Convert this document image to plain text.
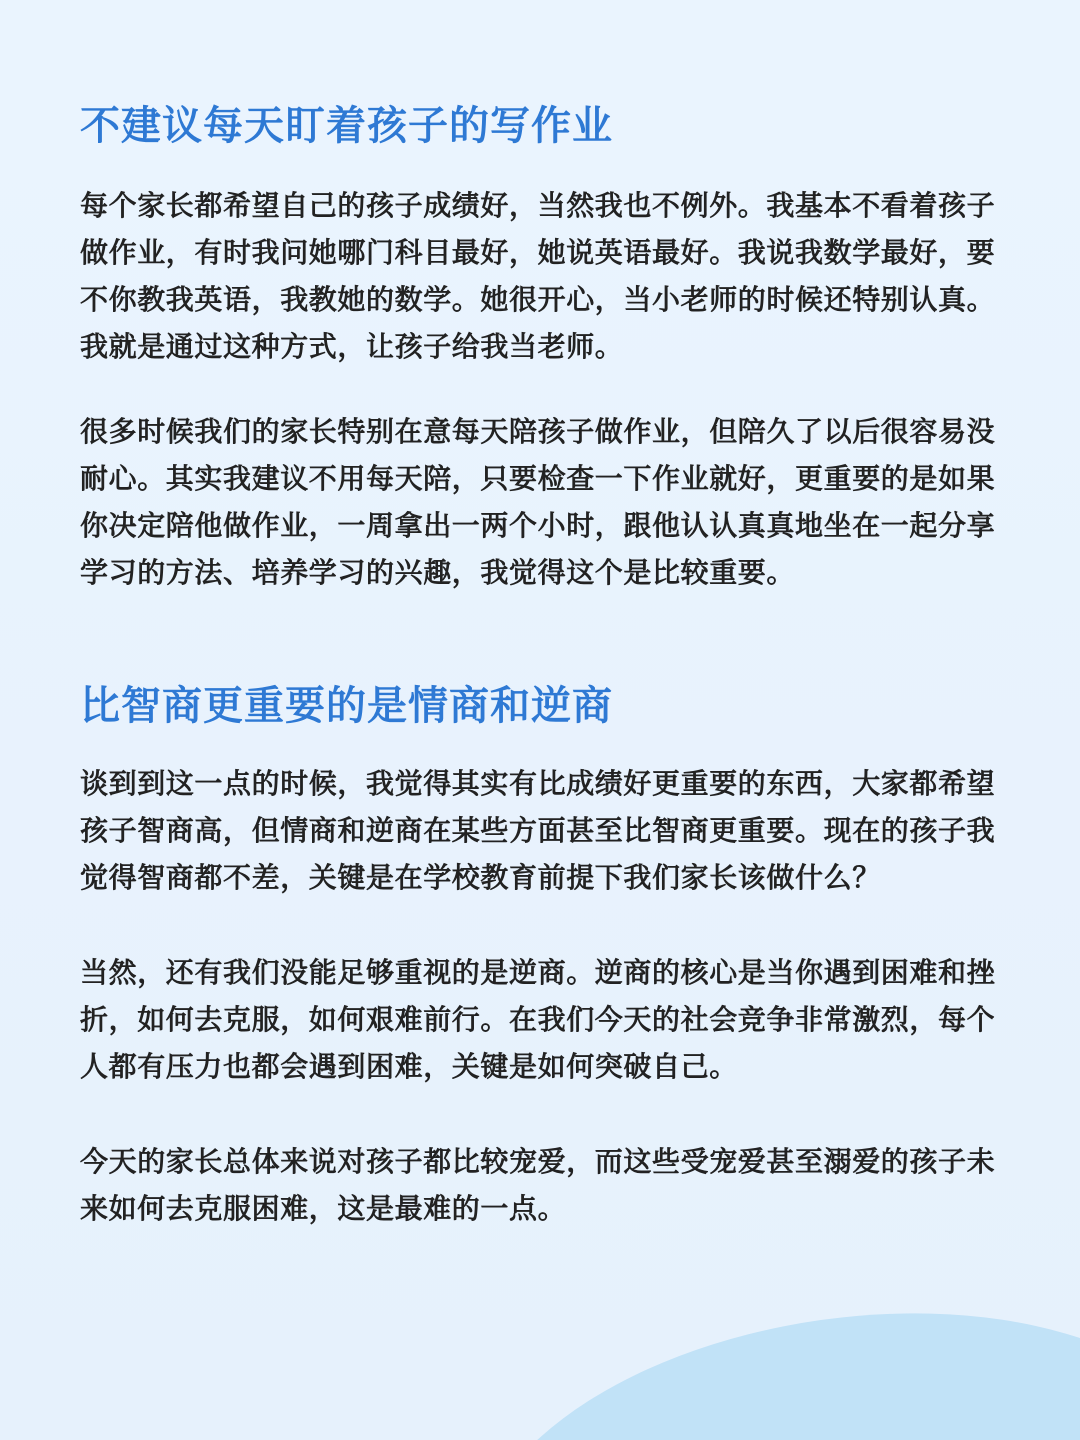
不建议每天盯着孩子的写作业

每个家长都希望自己的孩子成绩好，当然我也不例外。我基本不看着孩子做作业，有时我问她哪门科目最好，她说英语最好。我说我数学最好，要不你教我英语，我教她的数学。她很开心，当小老师的时候还特别认真。我就是通过这种方式，让孩子给我当老师。

很多时候我们的家长特别在意每天陪孩子做作业，但陪久了以后很容易没耐心。其实我建议不用每天陪，只要检查一下作业就好，更重要的是如果你决定陪他做作业，一周拿出一两个小时，跟他认认真真地坐在一起分享学习的方法、培养学习的兴趣，我觉得这个是比较重要。

比智商更重要的是情商和逆商

谈到到这一点的时候，我觉得其实有比成绩好更重要的东西，大家都希望孩子智商高，但情商和逆商在某些方面甚至比智商更重要。现在的孩子我觉得智商都不差，关键是在学校教育前提下我们家长该做什么？

当然，还有我们没能足够重视的是逆商。逆商的核心是当你遇到困难和挫折，如何去克服，如何艰难前行。在我们今天的社会竞争非常激烈，每个人都有压力也都会遇到困难，关键是如何突破自己。

今天的家长总体来说对孩子都比较宠爱，而这些受宠爱甚至溺爱的孩子未来如何去克服困难，这是最难的一点。
